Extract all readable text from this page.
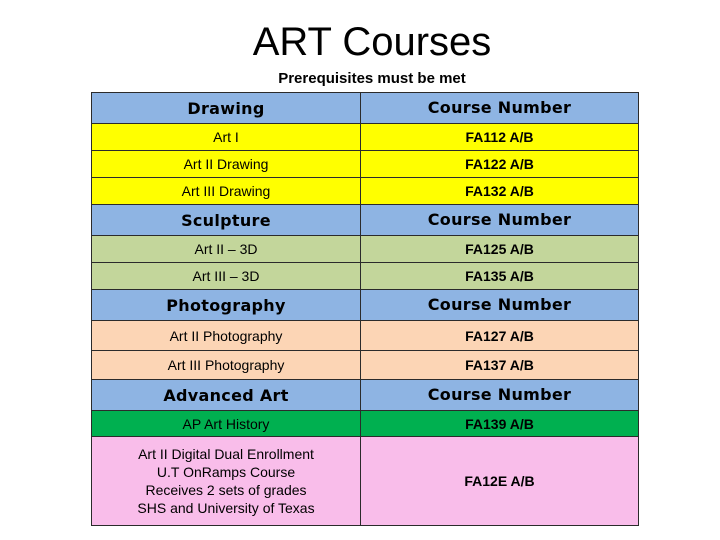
ART Courses
Prerequisites must be met
Drawing	Course Number
Art I	FA112 A/B
Art II Drawing	FA122 A/B
Art III Drawing	FA132 A/B
Sculpture	Course Number
Art II – 3D	FA125 A/B
Art III – 3D	FA135 A/B
Photography	Course Number
Art II Photography	FA127 A/B
Art III Photography	FA137 A/B
Advanced Art	Course Number
AP Art History	FA139 A/B

Art II Digital Dual Enrollment
U.T OnRamps Course
Receives 2 sets of grades
SHS and University of Texas	FA12E A/B
